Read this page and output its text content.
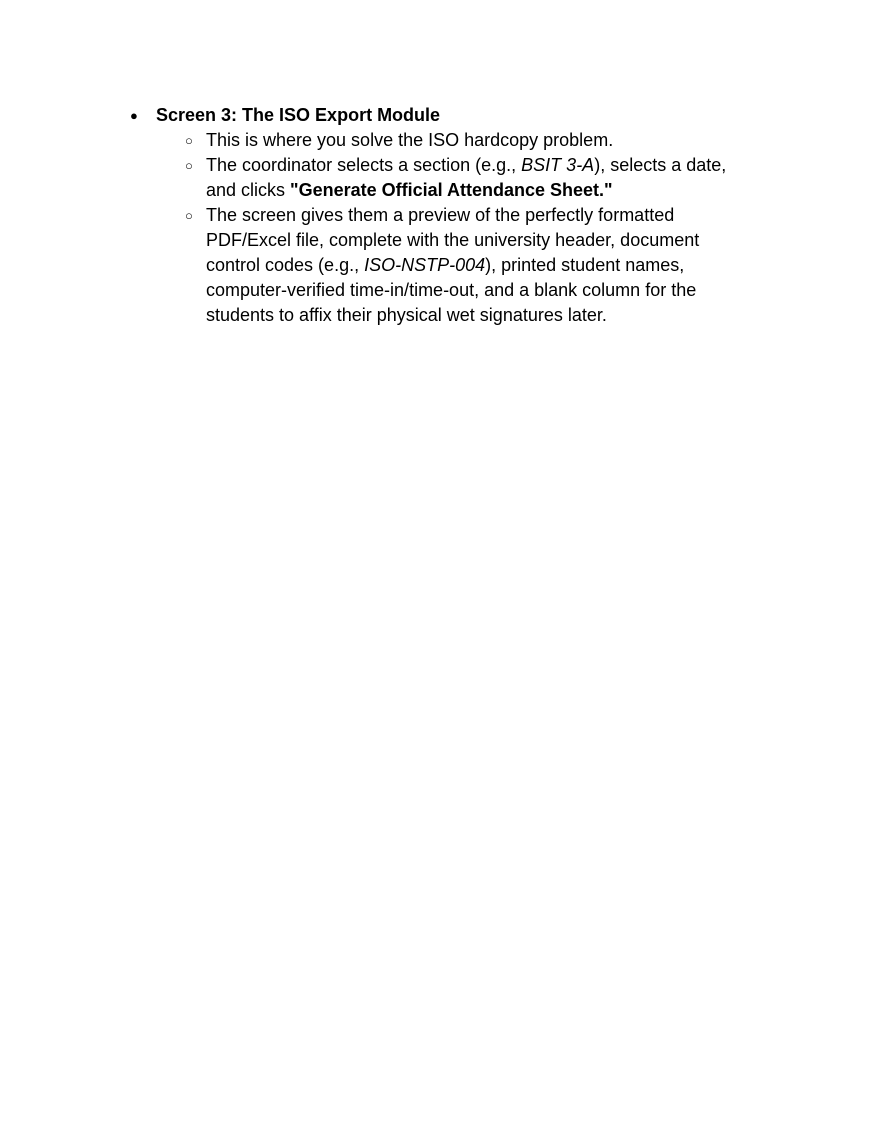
●	Screen 3: The ISO Export Module
○ This is where you solve the ISO hardcopy problem.
○ The coordinator selects a section (e.g., BSIT 3-A), selects a date, and clicks "Generate Official Attendance Sheet."
○ The screen gives them a preview of the perfectly formatted PDF/Excel file, complete with the university header, document control codes (e.g., ISO-NSTP-004), printed student names, computer-verified time-in/time-out, and a blank column for the students to affix their physical wet signatures later.
